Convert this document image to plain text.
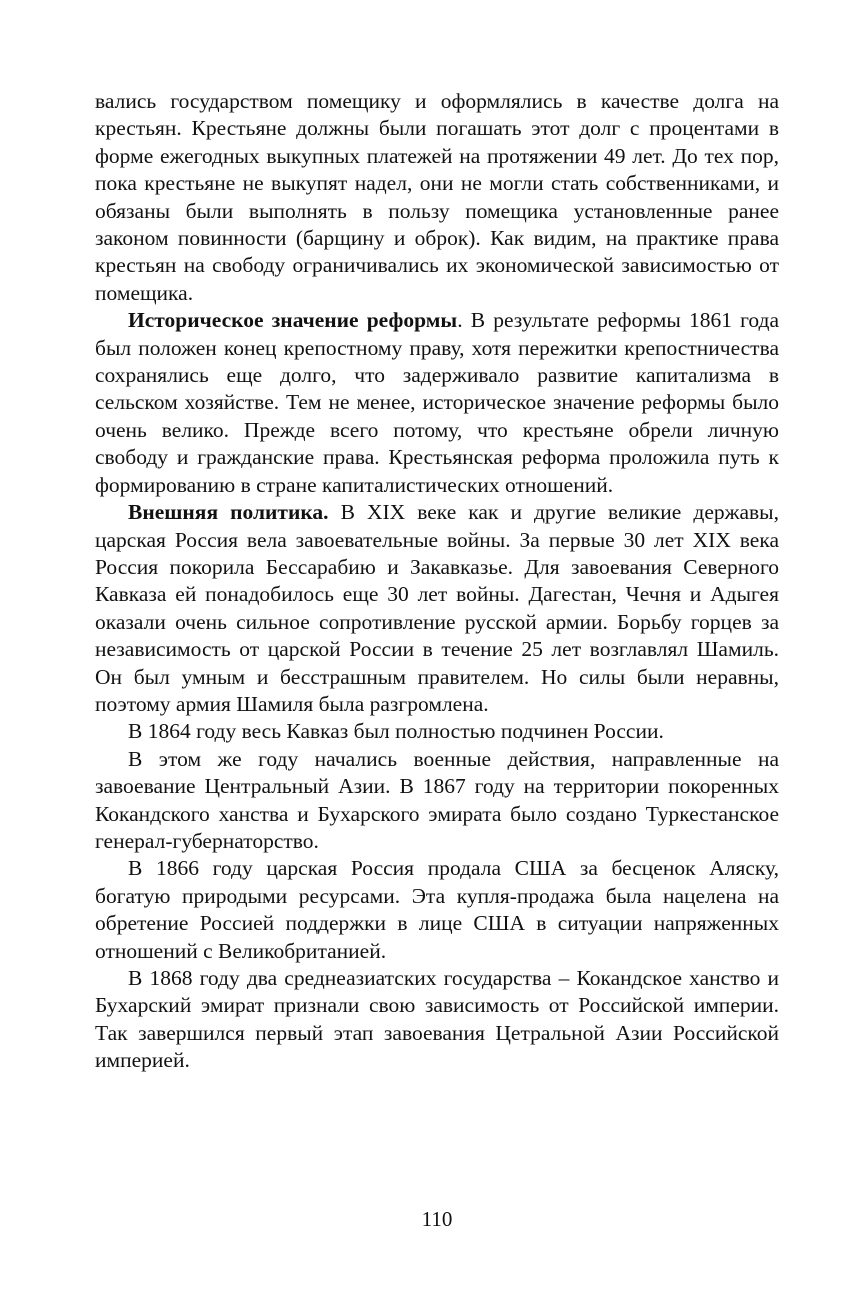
вались государством помещику и оформлялись в качестве долга на крестьян. Крестьяне должны были погашать этот долг с процентами в форме ежегодных выкупных платежей на протяжении 49 лет. До тех пор, пока крестьяне не выкупят надел, они не могли стать собственниками, и обязаны были выполнять в пользу помещика установленные ранее законом повинности (барщину и оброк). Как видим, на практике права крестьян на свободу ограничивались их экономической зависимостью от помещика.

Историческое значение реформы. В результате реформы 1861 года был положен конец крепостному праву, хотя пережитки крепостничества сохранялись еще долго, что задерживало развитие капитализма в сельском хозяйстве. Тем не менее, историческое значение реформы было очень велико. Прежде всего потому, что крестьяне обрели личную свободу и гражданские права. Крестьянская реформа проложила путь к формированию в стране капиталистических отношений.

Внешняя политика. В XIX веке как и другие великие державы, царская Россия вела завоевательные войны. За первые 30 лет XIX века Россия покорила Бессарабию и Закавказье. Для завоевания Северного Кавказа ей понадобилось еще 30 лет войны. Дагестан, Чечня и Адыгея оказали очень сильное сопротивление русской армии. Борьбу горцев за независимость от царской России в течение 25 лет возглавлял Шамиль. Он был умным и бесстрашным правителем. Но силы были неравны, поэтому армия Шамиля была разгромлена.

В 1864 году весь Кавказ был полностью подчинен России.

В этом же году начались военные действия, направленные на завоевание Центральный Азии. В 1867 году на территории покоренных Кокандского ханства и Бухарского эмирата было создано Туркестанское генерал-губернаторство.

В 1866 году царская Россия продала США за бесценок Аляску, богатую природыми ресурсами. Эта купля-продажа была нацелена на обретение Россией поддержки в лице США в ситуации напряженных отношений с Великобританией.

В 1868 году два среднеазиатских государства – Кокандское ханство и Бухарский эмират признали свою зависимость от Российской империи. Так завершился первый этап завоевания Цетральной Азии Российской империей.

110
